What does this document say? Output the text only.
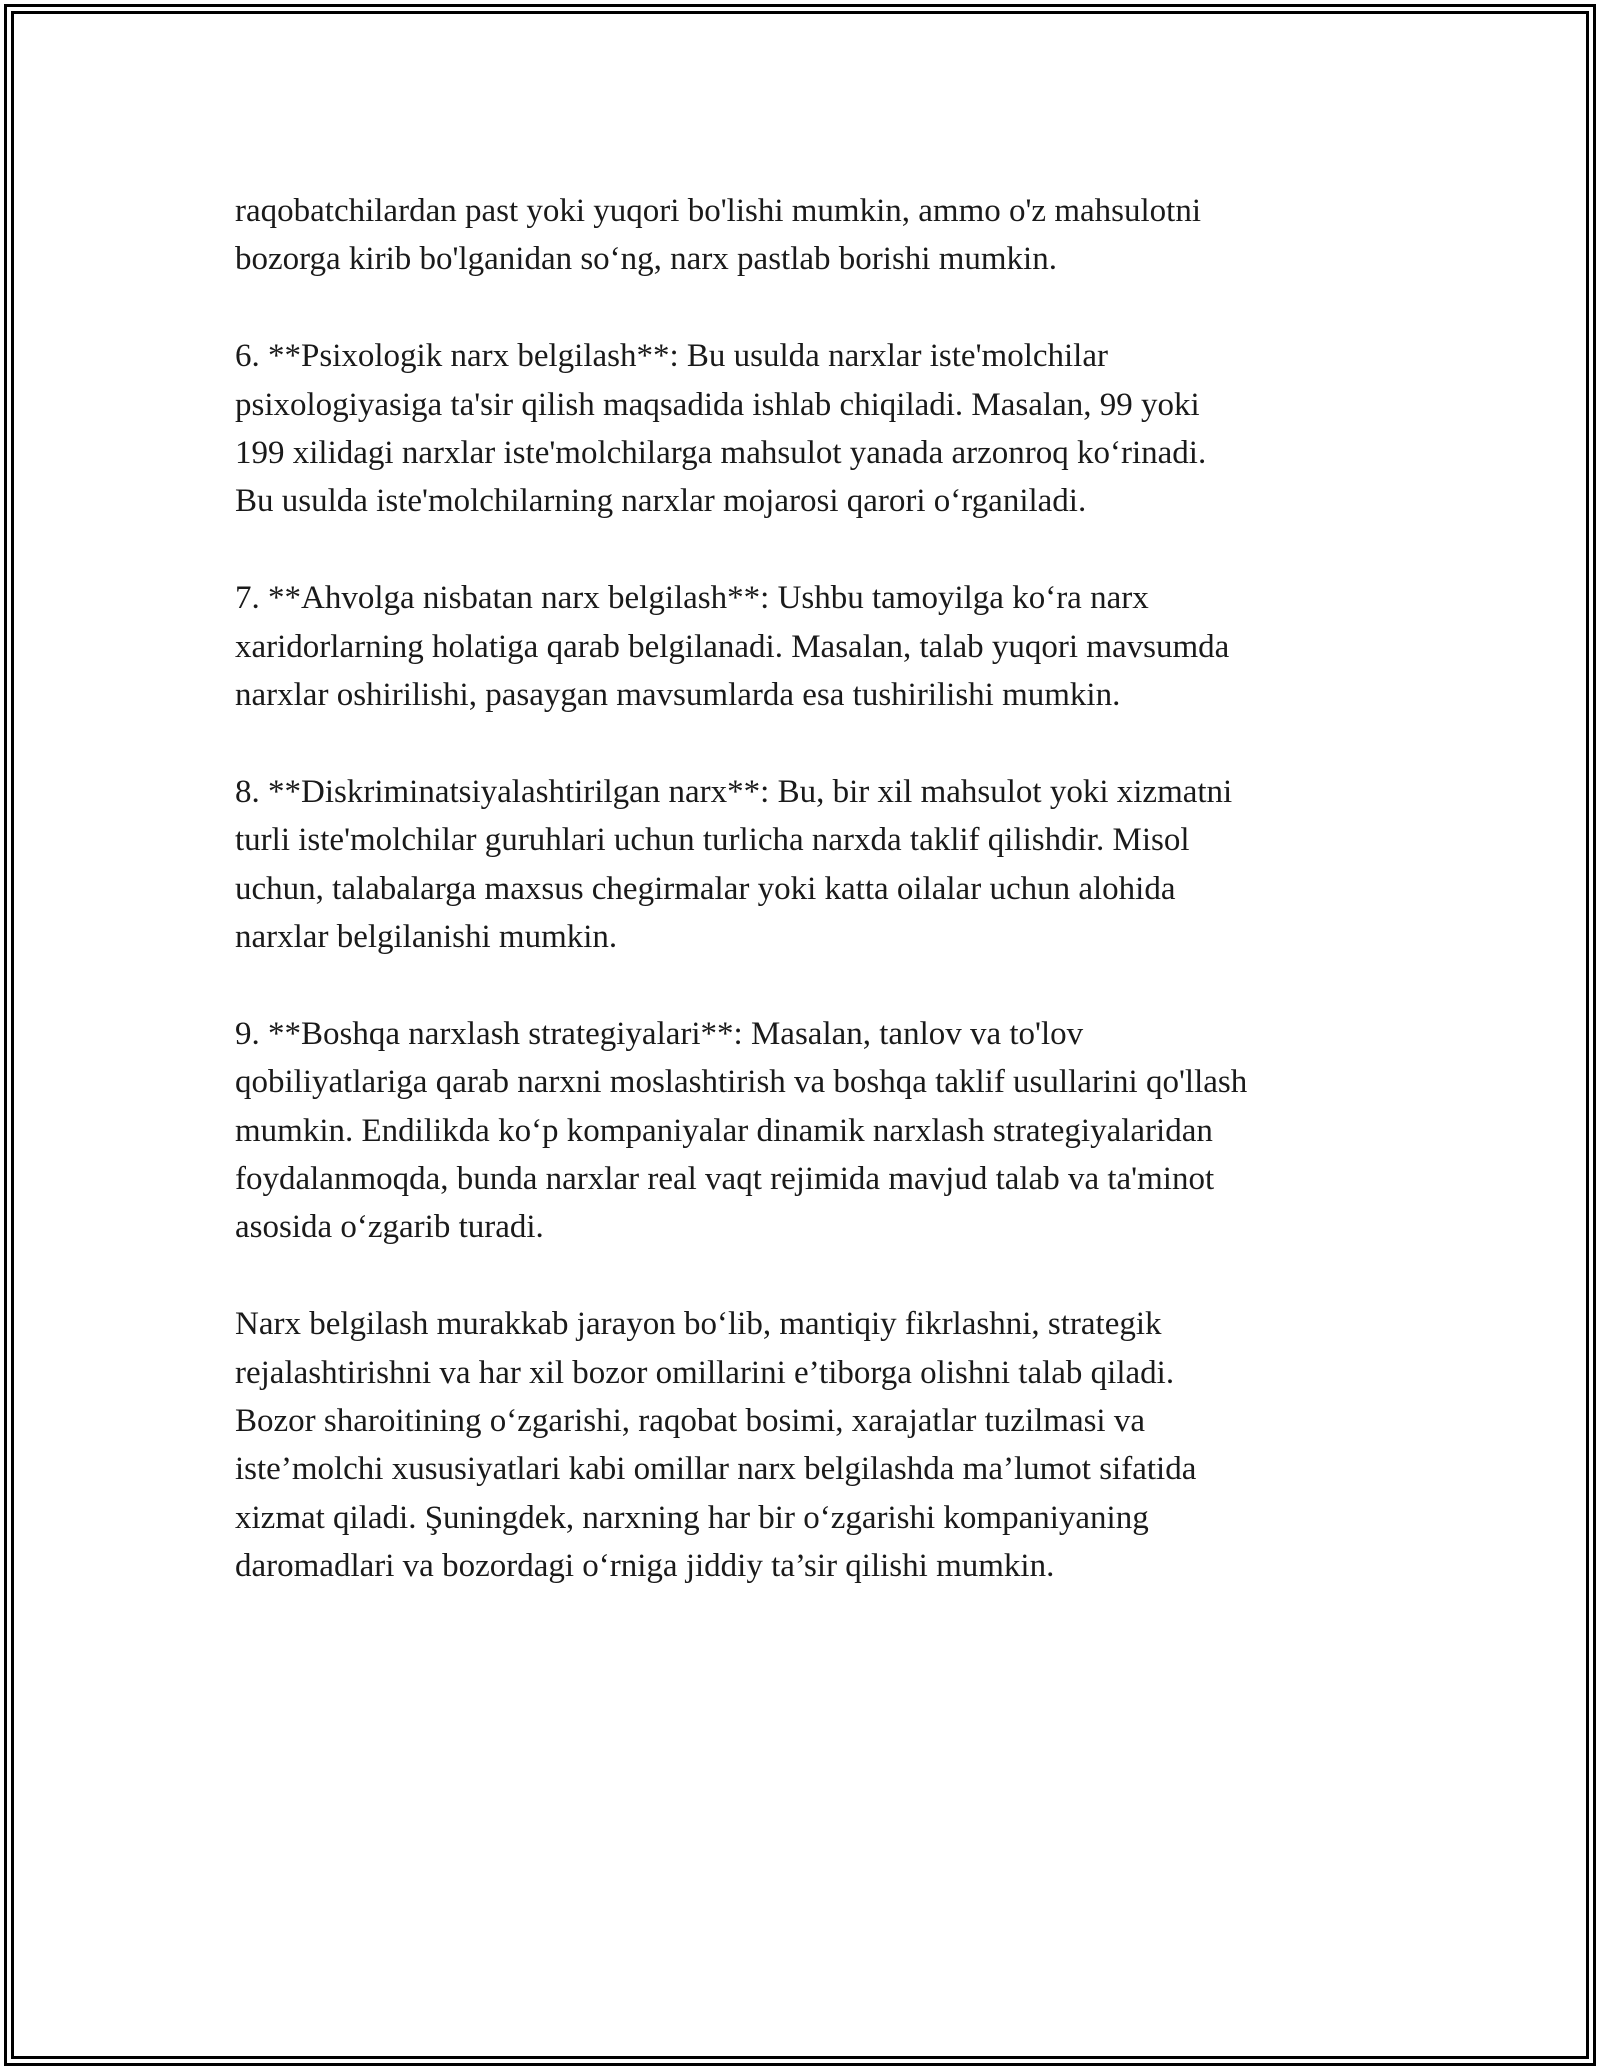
raqobatchilardan past yoki yuqori bo'lishi mumkin, ammo o'z mahsulotni
bozorga kirib bo'lganidan so‘ng, narx pastlab borishi mumkin.

6. **Psixologik narx belgilash**: Bu usulda narxlar iste'molchilar
psixologiyasiga ta'sir qilish maqsadida ishlab chiqiladi. Masalan, 99 yoki
199 xilidagi narxlar iste'molchilarga mahsulot yanada arzonroq ko‘rinadi.
Bu usulda iste'molchilarning narxlar mojarosi qarori o‘rganiladi.

7. **Ahvolga nisbatan narx belgilash**: Ushbu tamoyilga ko‘ra narx
xaridorlarning holatiga qarab belgilanadi. Masalan, talab yuqori mavsumda
narxlar oshirilishi, pasaygan mavsumlarda esa tushirilishi mumkin.

8. **Diskriminatsiyalashtirilgan narx**: Bu, bir xil mahsulot yoki xizmatni
turli iste'molchilar guruhlari uchun turlicha narxda taklif qilishdir. Misol
uchun, talabalarga maxsus chegirmalar yoki katta oilalar uchun alohida
narxlar belgilanishi mumkin.

9. **Boshqa narxlash strategiyalari**: Masalan, tanlov va to'lov
qobiliyatlariga qarab narxni moslashtirish va boshqa taklif usullarini qo'llash
mumkin. Endilikda ko‘p kompaniyalar dinamik narxlash strategiyalaridan
foydalanmoqda, bunda narxlar real vaqt rejimida mavjud talab va ta'minot
asosida o‘zgarib turadi.

Narx belgilash murakkab jarayon bo‘lib, mantiqiy fikrlashni, strategik
rejalashtirishni va har xil bozor omillarini e’tiborga olishni talab qiladi.
Bozor sharoitining o‘zgarishi, raqobat bosimi, xarajatlar tuzilmasi va
iste’molchi xususiyatlari kabi omillar narx belgilashda ma’lumot sifatida
xizmat qiladi. Şuningdek, narxning har bir o‘zgarishi kompaniyaning
daromadlari va bozordagi o‘rniga jiddiy ta’sir qilishi mumkin.
